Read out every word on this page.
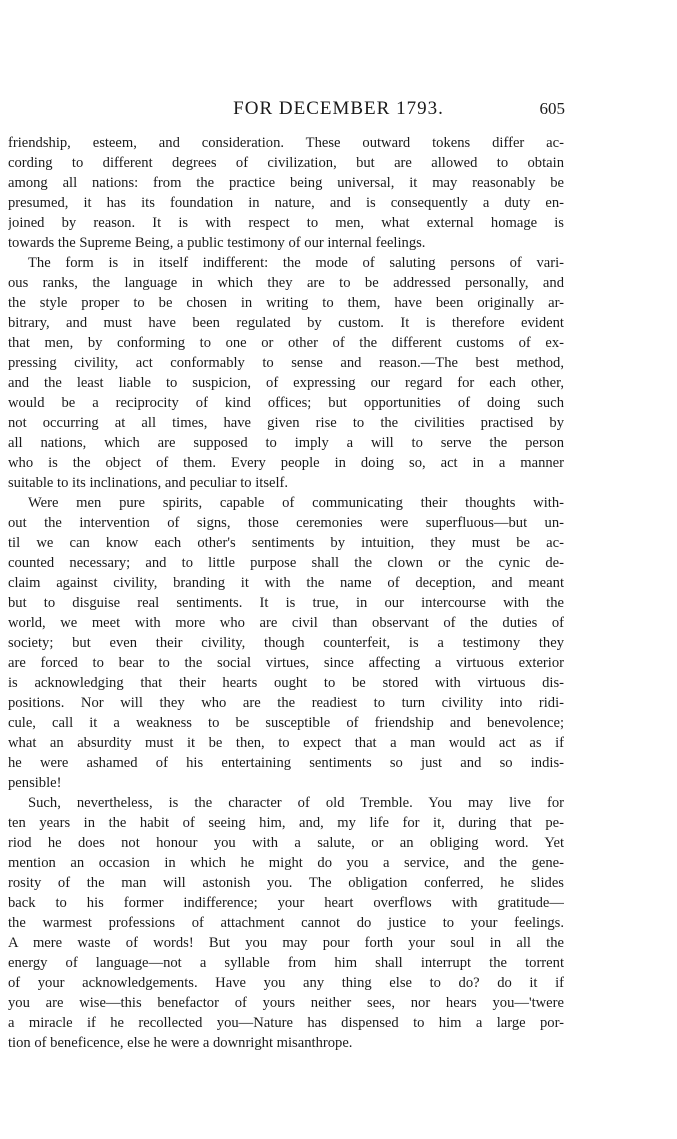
FOR DECEMBER 1793.	605
friendship, esteem, and consideration. These outward tokens differ ac-
cording to different degrees of civilization, but are allowed to obtain
among all nations: from the practice being universal, it may reasonably be
presumed, it has its foundation in nature, and is consequently a duty en-
joined by reason. It is with respect to men, what external homage is
towards the Supreme Being, a public testimony of our internal feelings.
The form is in itself indifferent: the mode of saluting persons of vari-
ous ranks, the language in which they are to be addressed personally, and
the style proper to be chosen in writing to them, have been originally ar-
bitrary, and must have been regulated by custom. It is therefore evident
that men, by conforming to one or other of the different customs of ex-
pressing civility, act conformably to sense and reason.—The best method,
and the least liable to suspicion, of expressing our regard for each other,
would be a reciprocity of kind offices; but opportunities of doing such
not occurring at all times, have given rise to the civilities practised by
all nations, which are supposed to imply a will to serve the person
who is the object of them. Every people in doing so, act in a manner
suitable to its inclinations, and peculiar to itself.
Were men pure spirits, capable of communicating their thoughts with-
out the intervention of signs, those ceremonies were superfluous—but un-
til we can know each other's sentiments by intuition, they must be ac-
counted necessary; and to little purpose shall the clown or the cynic de-
claim against civility, branding it with the name of deception, and meant
but to disguise real sentiments. It is true, in our intercourse with the
world, we meet with more who are civil than observant of the duties of
society; but even their civility, though counterfeit, is a testimony they
are forced to bear to the social virtues, since affecting a virtuous exterior
is acknowledging that their hearts ought to be stored with virtuous dis-
positions. Nor will they who are the readiest to turn civility into ridi-
cule, call it a weakness to be susceptible of friendship and benevolence;
what an absurdity must it be then, to expect that a man would act as if
he were ashamed of his entertaining sentiments so just and so indis-
pensible!
Such, nevertheless, is the character of old Tremble. You may live for
ten years in the habit of seeing him, and, my life for it, during that pe-
riod he does not honour you with a salute, or an obliging word. Yet
mention an occasion in which he might do you a service, and the gene-
rosity of the man will astonish you. The obligation conferred, he slides
back to his former indifference; your heart overflows with gratitude—
the warmest professions of attachment cannot do justice to your feelings.
A mere waste of words! But you may pour forth your soul in all the
energy of language—not a syllable from him shall interrupt the torrent
of your acknowledgements. Have you any thing else to do? do it if
you are wise—this benefactor of yours neither sees, nor hears you—'twere
a miracle if he recollected you—Nature has dispensed to him a large por-
tion of beneficence, else he were a downright misanthrope.
